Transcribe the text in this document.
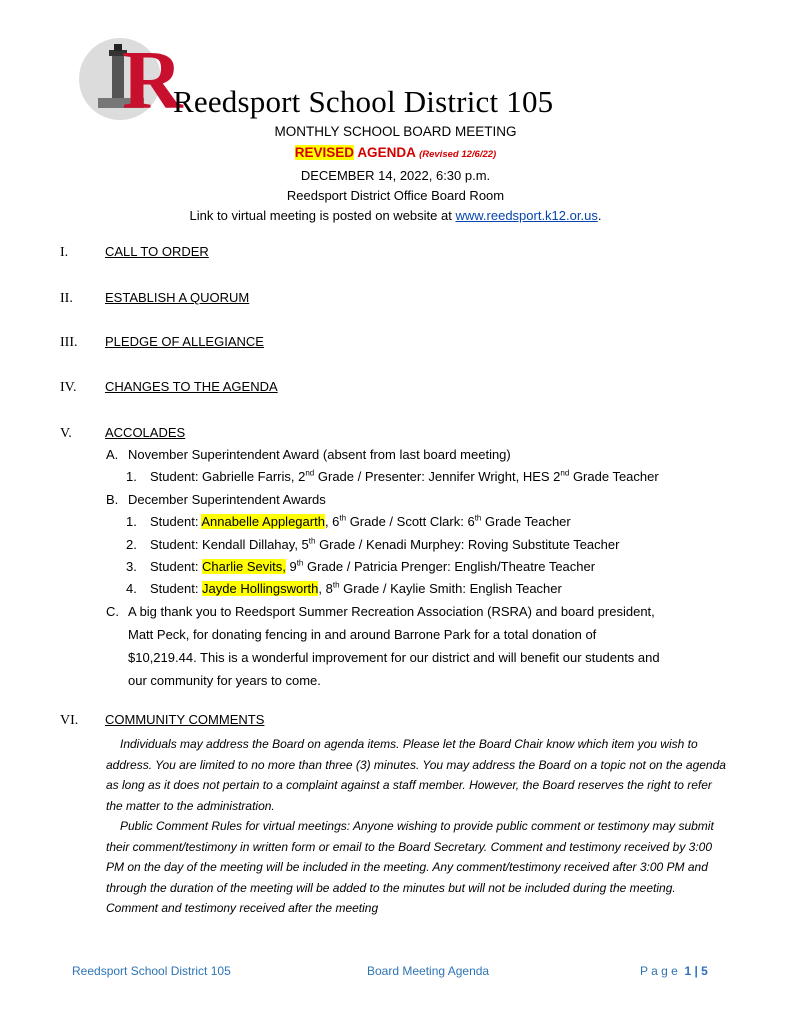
R
Reedsport School District 105
MONTHLY SCHOOL BOARD MEETING
REVISED AGENDA (Revised 12/6/22)
DECEMBER 14, 2022, 6:30 p.m.
Reedsport District Office Board Room
Link to virtual meeting is posted on website at www.reedsport.k12.or.us.
I.	CALL TO ORDER
II. ESTABLISH A QUORUM
III. PLEDGE OF ALLEGIANCE
IV. CHANGES TO THE AGENDA
V.	ACCOLADES
A. November Superintendent Award (absent from last board meeting)
1. Student: Gabrielle Farris, 2nd Grade / Presenter: Jennifer Wright, HES 2nd Grade Teacher
B. December Superintendent Awards
1. Student: Annabelle Applegarth, 6th Grade / Scott Clark: 6th Grade Teacher
2. Student: Kendall Dillahay, 5th Grade / Kenadi Murphey: Roving Substitute Teacher
3. Student: Charlie Sevits, 9th Grade / Patricia Prenger: English/Theatre Teacher
4. Student: Jayde Hollingsworth, 8th Grade / Kaylie Smith: English Teacher
C. A big thank you to Reedsport Summer Recreation Association (RSRA) and board president,
Matt Peck, for donating fencing in and around Barrone Park for a total donation of
$10,219.44. This is a wonderful improvement for our district and will benefit our students and
our community for years to come.
VI. COMMUNITY COMMENTS

Individuals may address the Board on agenda items. Please let the Board Chair know which item you wish to address. You are limited to no more than three (3) minutes. You may address the Board on a topic not on the agenda as long as it does not pertain to a complaint against a staff member. However, the Board reserves the right to refer the matter to the administration.

Public Comment Rules for virtual meetings: Anyone wishing to provide public comment or testimony may submit their comment/testimony in written form or email to the Board Secretary. Comment and testimony received by 3:00 PM on the day of the meeting will be included in the meeting. Any comment/testimony received after 3:00 PM and through the duration of the meeting will be added to the minutes but will not be included during the meeting. Comment and testimony received after the meeting

Reedsport School District 105	Board Meeting Agenda	P a g e 1 | 5
